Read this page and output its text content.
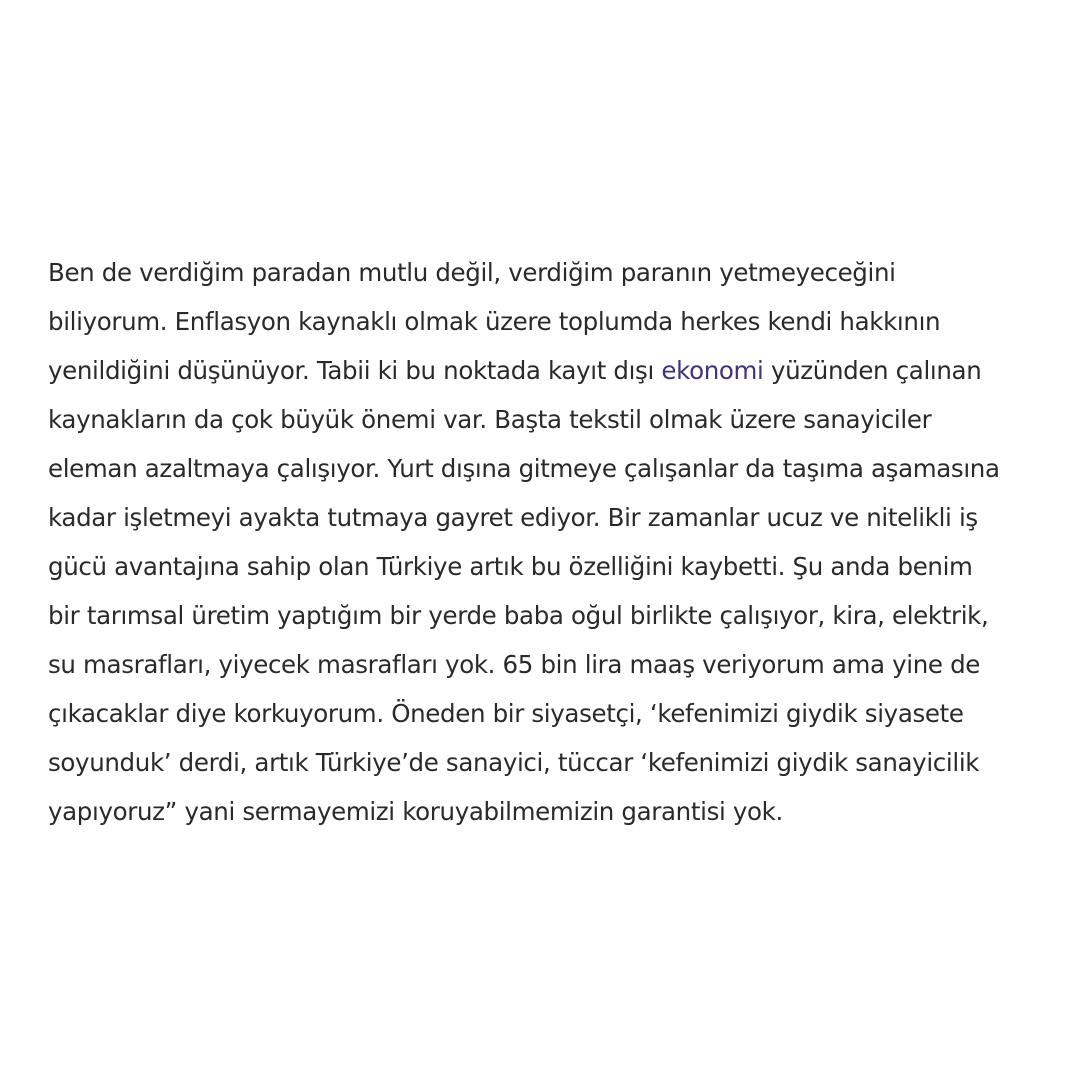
Ben de verdiğim paradan mutlu değil, verdiğim paranın yetmeyeceğini
biliyorum. Enflasyon kaynaklı olmak üzere toplumda herkes kendi hakkının
yenildiğini düşünüyor. Tabii ki bu noktada kayıt dışı ekonomi yüzünden çalınan
kaynakların da çok büyük önemi var. Başta tekstil olmak üzere sanayiciler
eleman azaltmaya çalışıyor. Yurt dışına gitmeye çalışanlar da taşıma aşamasına
kadar işletmeyi ayakta tutmaya gayret ediyor. Bir zamanlar ucuz ve nitelikli iş
gücü avantajına sahip olan Türkiye artık bu özelliğini kaybetti. Şu anda benim
bir tarımsal üretim yaptığım bir yerde baba oğul birlikte çalışıyor, kira, elektrik,
su masrafları, yiyecek masrafları yok. 65 bin lira maaş veriyorum ama yine de
çıkacaklar diye korkuyorum. Öneden bir siyasetçi, ‘kefenimizi giydik siyasete
soyunduk’ derdi, artık Türkiye’de sanayici, tüccar ‘kefenimizi giydik sanayicilik
yapıyoruz” yani sermayemizi koruyabilmemizin garantisi yok.
